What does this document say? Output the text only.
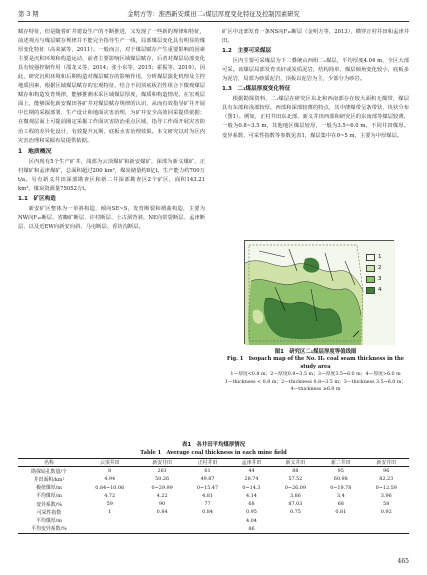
第 3 期	金明方等：淮西新安煤田二₁煤层厚度变化特征及控制因素研究

赋存特征，但是随着矿井建设生产的不断推进，又发现了一些新的规律和特征，前述观点与煤层赋存规律并不能完全指导生产一线，局部煤层变化具有明显的煤厚变化特征（高荣斌等，2011）。一般而言，对于煤层赋存产生重要影响的因素主要是沉积环境和构造运动，前者主要影响区域煤层赋存，后者对煤层局部变化具有较强控制作用（邵龙义等，2014；张小东等，2015；霍振等，2019）。因此，研究沉积环境和后期构造对煤层赋存的影响作用，分析煤层演化机理及主控地质因素，根据区域煤层赋存的宏观特征，结合不同顶底板岩性组合下微观煤层赋存和构造发育规律，能够推测未采区域煤层厚度，煤质和构造情况。在宏观层面上，能够深化新安煤田各矿井对煤层赋存规律的认识，从而有效指导矿井开展中长期的采掘部署、生产设计和地面灾害治理，为矿井安全高效回采提供依据；在微观层面上可提前圈定采掘工作面灾害防治重点区域，指导工作面开展灾害防治工程的差异化设计，有效提升瓦斯、底板水害治理效果。本文研究以对为区内灾害治理和采掘布局提供依据。

1　地质概况

区内现有5个生产矿井，浅部为云顶煤矿和新安煤矿，深部为新义煤矿、正村煤矿和孟津煤矿，总面积超过200 km²，煤炭储量约8亿t，生产能力约700万t/a。另有新义井田深部勘查区和新二井深部勘查区2个矿区，面积143.21 km²，煤炭资源量75052万t。

1.1　矿区构造

新安矿区整体为一单斜构造，倾向SE~S，发育断裂和褶曲构造，主要为NW向F₁₀断层、省瞭矿断层、许村断层、土古洞背斜，NE向常袋断层、孟津断层，以及近EW向新安向斜、马屯断层、香坊沟断层。

矿区中北部发育一条NS向F₁₀断层（金明方等，2013），横穿正村井田和孟津井田。

1.2　主要可采煤层

区内主要可采煤层为下二叠统山西组二₁煤层，平均厚度4.04 m，全区大部可采。该煤层局部发育夹矸或炭质泥岩，结构简单，煤层倾角变化较小，底板多为泥岩，局部为砂质泥岩，顶板以泥岩为主，少部分为砂岩。

1.3　二₁煤层厚度变化特征

根据勘探资料，二₁煤层在研究区东北和西南部存在较大面积无煤带，煤层具有东部和浅部较厚，西部和深部较薄的特点，其中薄煤带呈条带状、块状分布（图1）。例如，正村井田东北部、新义井田西部和研究区的东南部等煤层较薄，一般为0.8~3.5 m，其他地区煤层较厚，一般为3.5~6.0 m。不同井田煤厚、变异系数、可采性指数等参数见表1，煤层集中在0~5 m，主要为中厚煤层。

1
2
3
4
图1　研究区二₁煤层厚度等值线图
Fig. 1　Isopach map of the No. II₁ coal seam thickness in the study area
1—厚度<0.8 m；2—厚度0.8~3.5 m；3—厚度3.5~6.0 m；4—厚度>6.0 m
1—thickness < 0.8 m；2—thickness 0.8~3.5 m；3—thickness 3.5~6.0 m；
4—thickness ≥6.0 m
表1　各井田平均煤厚情况
Table 1　Average coal thickness in each mine field
名称	云顶井田	新安井田	正村井田	孟津井田	新义井田	新二井田	新安井田
勘探钻孔数量/个	8	261	61	44	88	95	96
井田面积/km²	4.94	50.26	49.87	28.74	57.52	60.98	82.23
极值煤厚/m	0.84~10.06	0~29.99	0~15.47	0~14.3	0~26.09	0~19.78	0~12.59
平均煤厚/m	4.72	4.22	4.81	4.14	3.86	3.4	3.96
变异系数/%	59	90	77	68	87.03	68	58
可采性指数	1	0.84	0.84	0.95	0.75	0.81	0.92
平均煤厚/m				4.04			
平均变异系数/%				86			
465
